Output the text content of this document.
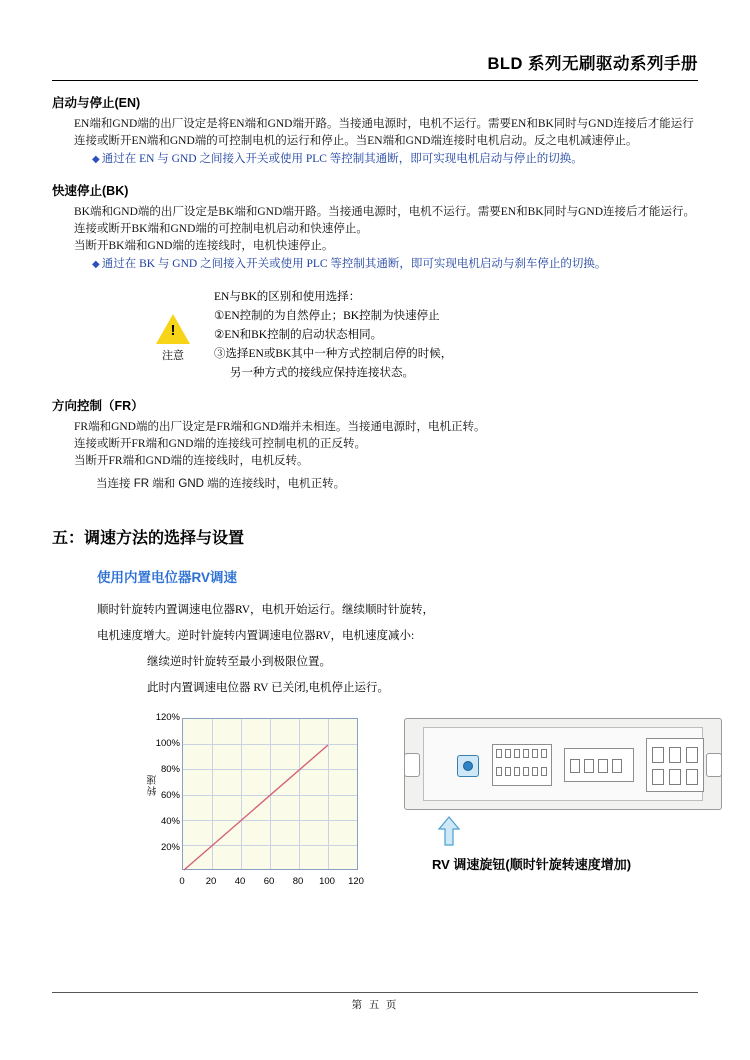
BLD 系列无刷驱动系列手册
启动与停止(EN)
EN端和GND端的出厂设定是将EN端和GND端开路。当接通电源时，电机不运行。需要EN和BK同时与GND连接后才能运行
连接或断开EN端和GND端的可控制电机的运行和停止。当EN端和GND端连接时电机启动。反之电机减速停止。
◆ 通过在 EN 与 GND 之间接入开关或使用 PLC 等控制其通断，即可实现电机启动与停止的切换。
快速停止(BK)
BK端和GND端的出厂设定是BK端和GND端开路。当接通电源时，电机不运行。需要EN和BK同时与GND连接后才能运行。
连接或断开BK端和GND端的可控制电机启动和快速停止。
当断开BK端和GND端的连接线时，电机快速停止。
◆ 通过在 BK 与 GND 之间接入开关或使用 PLC 等控制其通断，即可实现电机启动与刹车停止的切换。
!
注意
EN与BK的区别和使用选择：
①EN控制的为自然停止；BK控制为快速停止
②EN和BK控制的启动状态相同。
③选择EN或BK其中一种方式控制启停的时候，
另一种方式的接线应保持连接状态。
方向控制（FR）
FR端和GND端的出厂设定是FR端和GND端并未相连。当接通电源时，电机正转。
连接或断开FR端和GND端的连接线可控制电机的正反转。
当断开FR端和GND端的连接线时，电机反转。
当连接 FR 端和 GND 端的连接线时，电机正转。
五：调速方法的选择与设置
使用内置电位器RV调速
顺时针旋转内置调速电位器RV，电机开始运行。继续顺时针旋转，
电机速度增大。逆时针旋转内置调速电位器RV，电机速度减小:
继续逆时针旋转至最小到极限位置。
此时内置调速电位器 RV 已关闭,电机停止运行。
转速
120%
100%
80%
60%
40%
20%
0	20	40	60	80	100 120
RV 调速旋钮(顺时针旋转速度增加)
第 五 页
